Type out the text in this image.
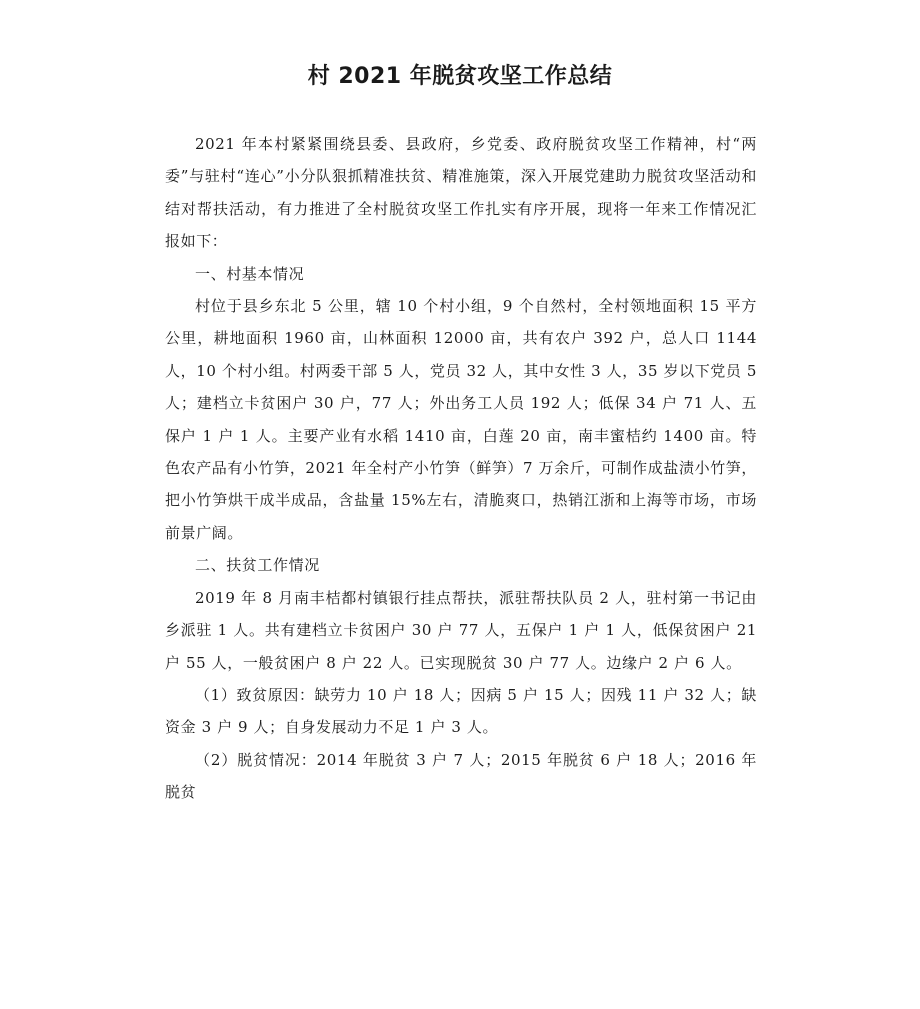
村 2021 年脱贫攻坚工作总结

2021 年本村紧紧围绕县委、县政府，乡党委、政府脱贫攻坚工作精神，村“两委”与驻村“连心”小分队狠抓精准扶贫、精准施策，深入开展党建助力脱贫攻坚活动和结对帮扶活动，有力推进了全村脱贫攻坚工作扎实有序开展，现将一年来工作情况汇报如下：

一、村基本情况

村位于县乡东北 5 公里，辖 10 个村小组，9 个自然村，全村领地面积 15 平方公里，耕地面积 1960 亩，山林面积 12000 亩，共有农户 392 户，总人口 1144 人，10 个村小组。村两委干部 5 人，党员 32 人，其中女性 3 人，35 岁以下党员 5 人；建档立卡贫困户 30 户，77 人；外出务工人员 192 人；低保 34 户 71 人、五保户 1 户 1 人。主要产业有水稻 1410 亩，白莲 20 亩，南丰蜜桔约 1400 亩。特色农产品有小竹笋，2021 年全村产小竹笋（鲜笋）7 万余斤，可制作成盐渍小竹笋，把小竹笋烘干成半成品，含盐量 15%左右，清脆爽口，热销江浙和上海等市场，市场前景广阔。

二、扶贫工作情况

2019 年 8 月南丰桔都村镇银行挂点帮扶，派驻帮扶队员 2 人，驻村第一书记由乡派驻 1 人。共有建档立卡贫困户 30 户 77 人，五保户 1 户 1 人，低保贫困户 21 户 55 人，一般贫困户 8 户 22 人。已实现脱贫 30 户 77 人。边缘户 2 户 6 人。

（1）致贫原因：缺劳力 10 户 18 人；因病 5 户 15 人；因残 11 户 32 人；缺资金 3 户 9 人；自身发展动力不足 1 户 3 人。

（2）脱贫情况：2014 年脱贫 3 户 7 人；2015 年脱贫 6 户 18 人；2016 年脱贫
